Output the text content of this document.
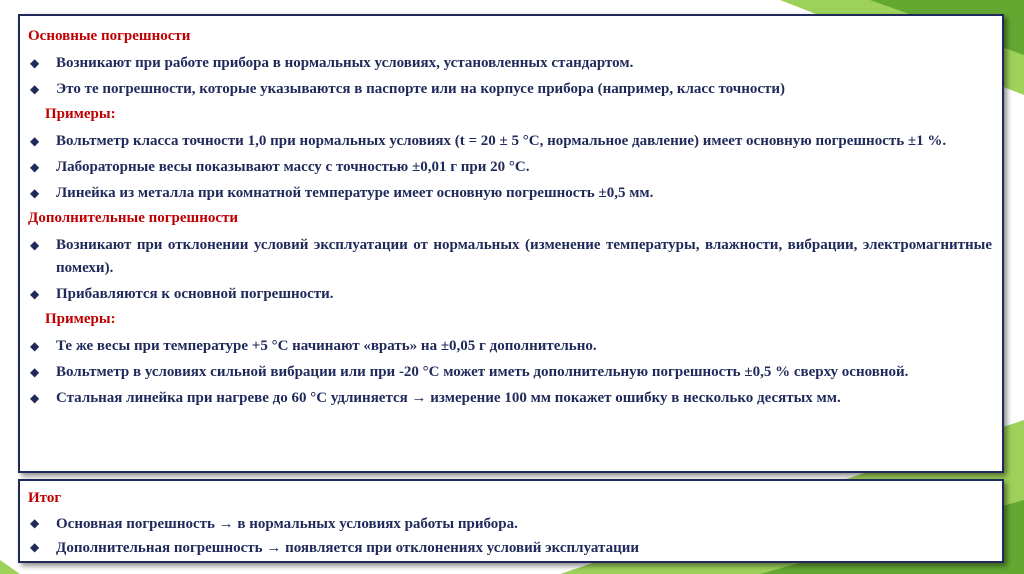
Основные погрешности
◆ Возникают при работе прибора в нормальных условиях, установленных стандартом.
◆ Это те погрешности, которые указываются в паспорте или на корпусе прибора (например, класс точности)
Примеры:
◆ Вольтметр класса точности 1,0 при нормальных условиях (t = 20 ± 5 °C, нормальное давление) имеет основную погрешность ±1 %.
◆ Лабораторные весы показывают массу с точностью ±0,01 г при 20 °C.
◆ Линейка из металла при комнатной температуре имеет основную погрешность ±0,5 мм.
Дополнительные погрешности
◆ Возникают при отклонении условий эксплуатации от нормальных (изменение температуры, влажности, вибрации, электромагнитные помехи).
◆ Прибавляются к основной погрешности.
Примеры:
◆ Те же весы при температуре +5 °C начинают «врать» на ±0,05 г дополнительно.
◆ Вольтметр в условиях сильной вибрации или при -20 °C может иметь дополнительную погрешность ±0,5 % сверху основной.
◆ Стальная линейка при нагреве до 60 °C удлиняется → измерение 100 мм покажет ошибку в несколько десятых мм.
Итог
◆ Основная погрешность → в нормальных условиях работы прибора.
◆ Дополнительная погрешность → появляется при отклонениях условий эксплуатации
